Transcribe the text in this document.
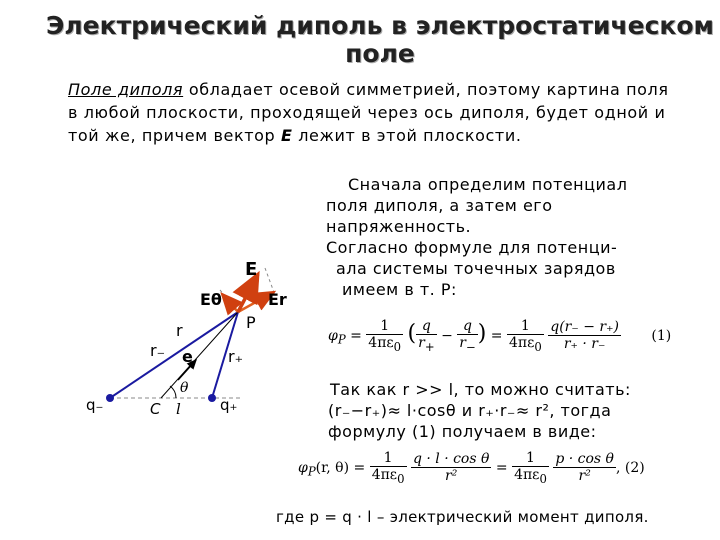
Электрический диполь в электростатическом
поле
Поле диполя обладает осевой симметрией, поэтому картина поля в любой плоскости, проходящей через ось диполя, будет одной и той же, причем вектор E лежит в этой плоскости.
Сначала определим потенциал
поля диполя, а затем его
напряженность.
Согласно формуле для потенци-
ала системы точечных зарядов
имеем в т. P:
$\varphi_P = \frac{1}{4\pi\varepsilon_0}$ ( $\frac{q}{r_+} - \frac{q}{r_-}$ ) = $\frac{1}{4\pi\varepsilon_0}$
$\frac{q(r_- - r_+)}{r_+ \cdot r_-} (1)$
Так как r >> l, то можно считать:
(r₋−r₊)≈ l·cosθ и r₊·r₋≈ r², тогда
формулу (1) получаем в виде:
$\varphi_P(r$, $\theta) = \frac{1}{4\pi\varepsilon_0}$
$\frac{\text{q · l · cos θ}}{\text{r²}} = \frac{1}{4\pi\varepsilon_0}$
$\frac{\text{p · cos θ}}{\text{r²}}$ , (2)
где p = q · l – электрический момент диполя.
E
Eθ	Er
P
r
r₋	r₊
e
θ
q₋	q₊
C l
